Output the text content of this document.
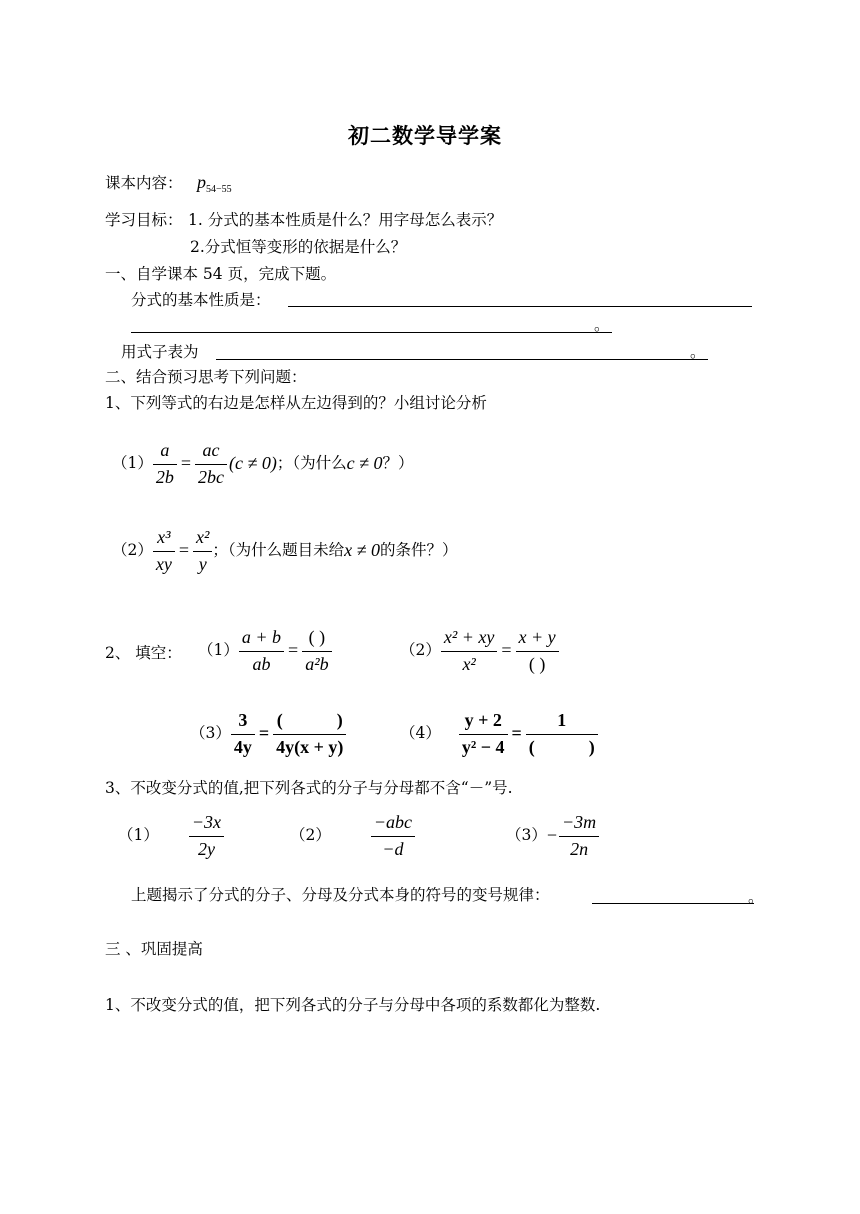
初二数学导学案
课本内容： $p_{54-55}$
学习目标： 1. 分式的基本性质是什么？用字母怎么表示？
2.分式恒等变形的依据是什么？
一、自学课本 54 页，完成下题。
分式的基本性质是：
。
用式子表为	。
二、结合预习思考下列问题：
1、下列等式的右边是怎样从左边得到的？小组讨论分析
$(1) \frac{a}{2b} = \frac{ac}{2bc} (c \ne 0)$ ；（为什么 c ≠ 0 ？）
$(2) \frac{\text{x³}}{xy} = \frac{\text{x²}}{y}$ ；（为什么题目未给 x ≠ 0 的条件？）
2、 填空： $(1) \frac{a + b}{ab} = \frac{( )}{\text{a²b}}$	$(2) \frac{\text{x² + xy}}{\text{x²}} = \frac{x + y}{( )}$
$(3) \frac{3}{4y} = \frac{( )}{4y(x + y)}$	$(4) \frac{y + 2}{\text{y² − 4}} = \frac{1}{( )}$
3、不改变分式的值,把下列各式的分子与分母都不含“－”号.
$(1) \frac{-3x}{2y}$	$(2) \frac{\text{−abc}}{-d}$	$(3) - \frac{-3m}{2n}$
上题揭示了分式的分子、分母及分式本身的符号的变号规律：	。
三 、巩固提高
1、不改变分式的值，把下列各式的分子与分母中各项的系数都化为整数.
